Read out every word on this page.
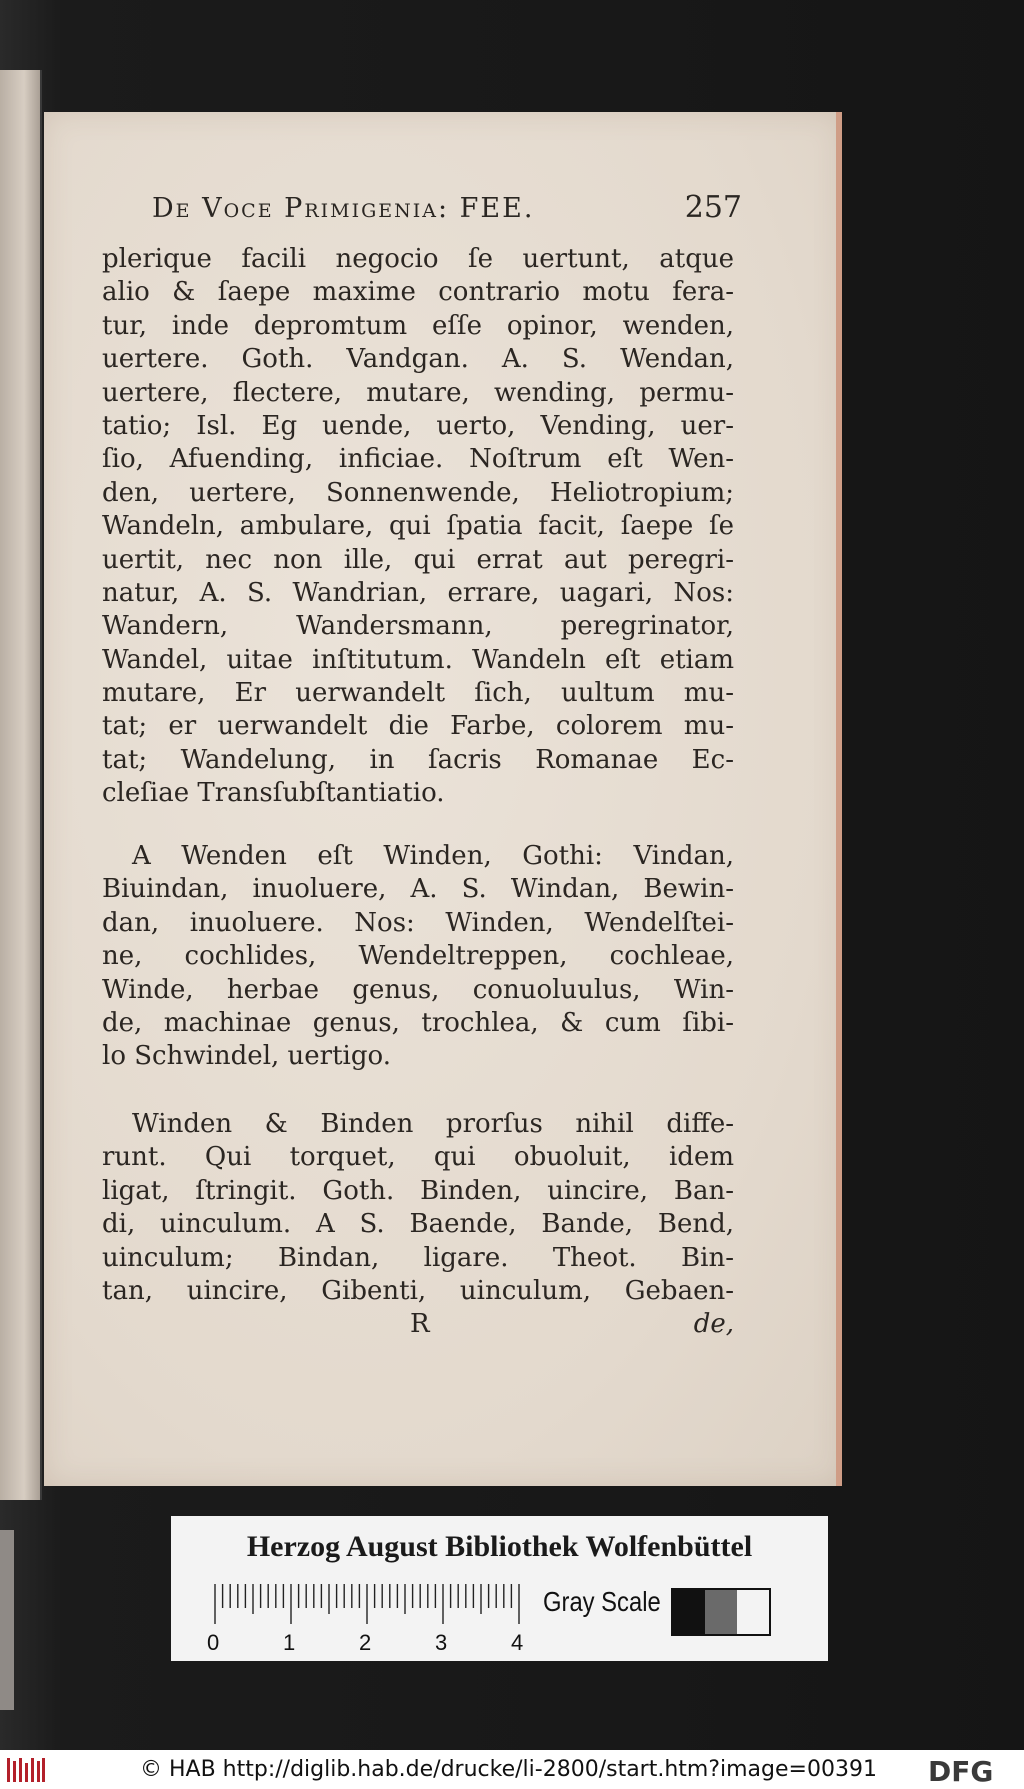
De Voce Primigenia: FEE.	257
plerique facili negocio ſe uertunt, atque
alio & ſaepe maxime contrario motu fera-
tur, inde depromtum eſſe opinor, wenden,
uertere. Goth. Vandgan. A. S. Wendan,
uertere, flectere, mutare, wending, permu-
tatio; Isl. Eg uende, uerto, Vending, uer-
ſio, Afuending, inficiae. Noſtrum eſt Wen-
den, uertere, Sonnenwende, Heliotropium;
Wandeln, ambulare, qui ſpatia facit, ſaepe ſe
uertit, nec non ille, qui errat aut peregri-
natur, A. S. Wandrian, errare, uagari, Nos:
Wandern, Wandersmann, peregrinator,
Wandel, uitae inſtitutum. Wandeln eſt etiam
mutare, Er uerwandelt ſich, uultum mu-
tat; er uerwandelt die Farbe, colorem mu-
tat; Wandelung, in ſacris Romanae Ec-
cleſiae Transſubſtantiatio.
A Wenden eſt Winden, Gothi: Vindan,
Biuindan, inuoluere, A. S. Windan, Bewin-
dan, inuoluere. Nos: Winden, Wendelſtei-
ne, cochlides, Wendeltreppen, cochleae,
Winde, herbae genus, conuoluulus, Win-
de, machinae genus, trochlea, & cum ſibi-
lo Schwindel, uertigo.
Winden & Binden prorſus nihil diffe-
runt. Qui torquet, qui obuoluit, idem
ligat, ſtringit. Goth. Binden, uincire, Ban-
di, uinculum. A S. Baende, Bande, Bend,
uinculum; Bindan, ligare. Theot. Bin-
tan, uincire, Gibenti, uinculum, Gebaen-
R	de,
Herzog August Bibliothek Wolfenbüttel
0	1	2	3	4
Gray Scale
© HAB http://diglib.hab.de/drucke/li-2800/start.htm?image=00391 DFG
